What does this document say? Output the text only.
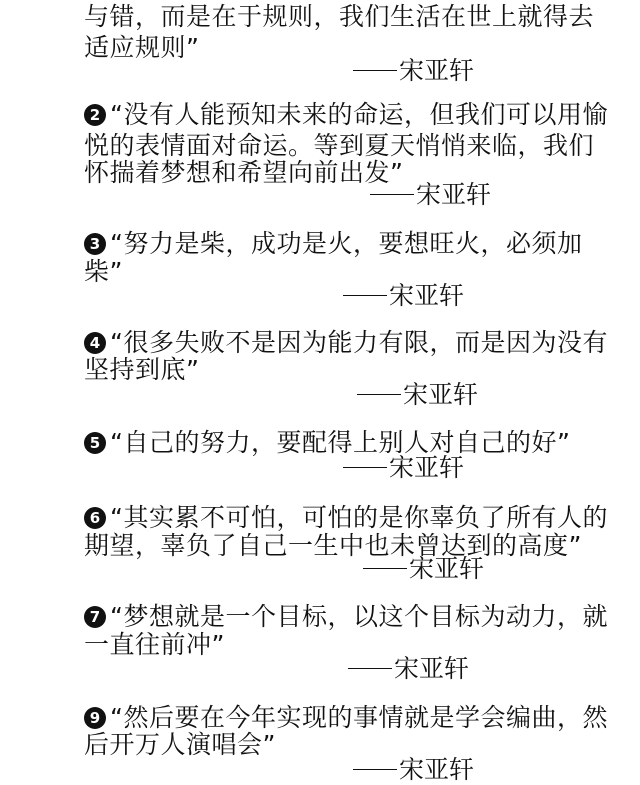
与错，而是在于规则，我们生活在世上就得去
适应规则”
宋亚轩
2 “没有人能预知未来的命运，但我们可以用愉
悦的表情面对命运。等到夏天悄悄来临，我们
怀揣着梦想和希望向前出发”
宋亚轩
3 “努力是柴，成功是火，要想旺火，必须加
柴”
宋亚轩
4 “很多失败不是因为能力有限，而是因为没有
坚持到底”
宋亚轩
5 “自己的努力，要配得上别人对自己的好”
宋亚轩
6 “其实累不可怕，可怕的是你辜负了所有人的
期望，辜负了自己一生中也未曾达到的高度”
宋亚轩
7 “梦想就是一个目标，以这个目标为动力，就
一直往前冲”
宋亚轩
9 “然后要在今年实现的事情就是学会编曲，然
后开万人演唱会”
宋亚轩
